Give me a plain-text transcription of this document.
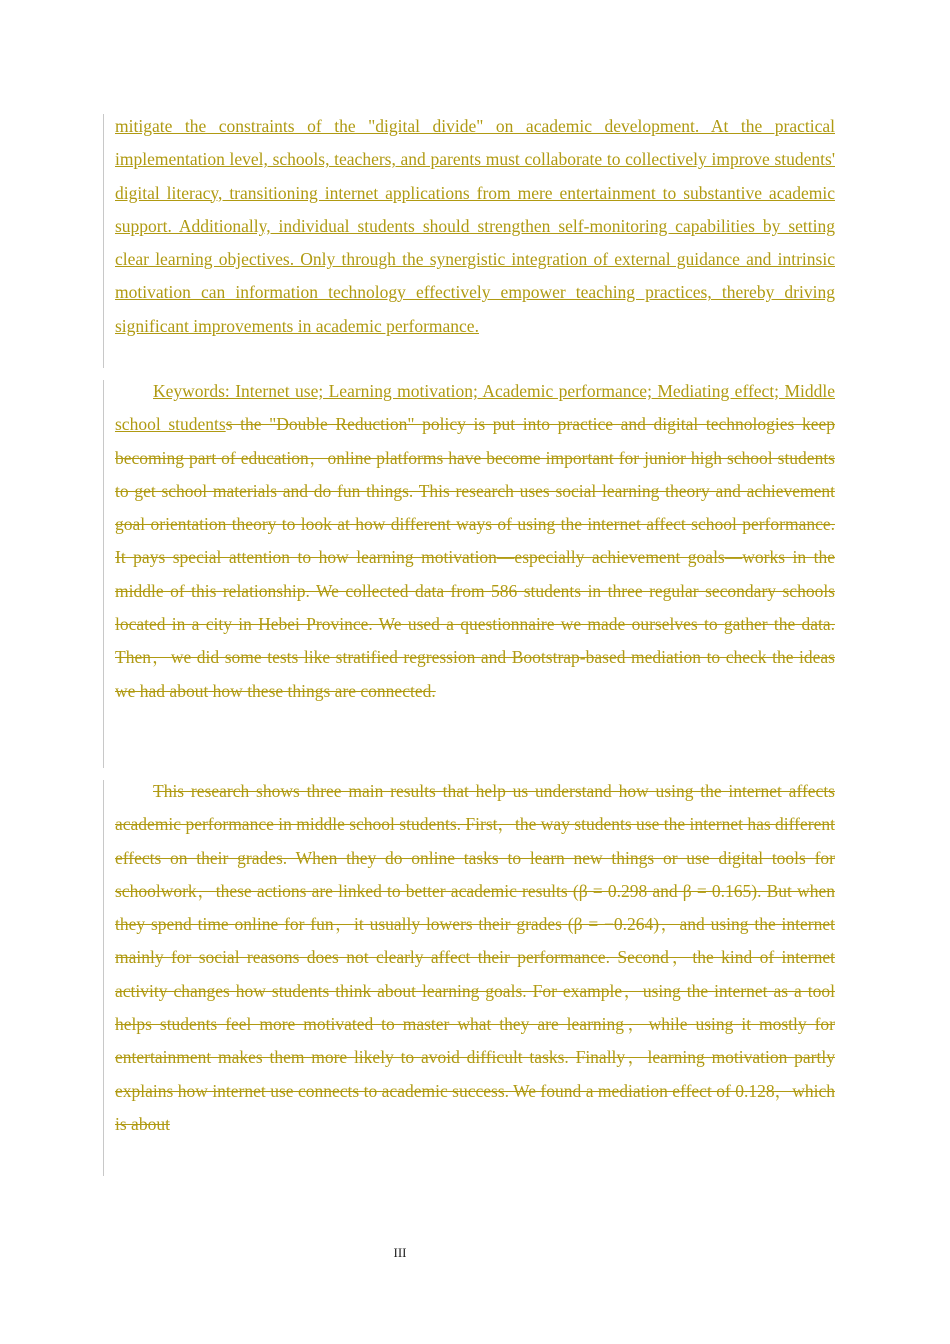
mitigate the constraints of the "digital divide" on academic development. At the practical implementation level, schools, teachers, and parents must collaborate to collectively improve students' digital literacy, transitioning internet applications from mere entertainment to substantive academic support. Additionally, individual students should strengthen self-monitoring capabilities by setting clear learning objectives. Only through the synergistic integration of external guidance and intrinsic motivation can information technology effectively empower teaching practices, thereby driving significant improvements in academic performance.

Keywords: Internet use; Learning motivation; Academic performance; Mediating effect; Middle school studentss the "Double Reduction" policy is put into practice and digital technologies keep becoming part of education，online platforms have become important for junior high school students to get school materials and do fun things. This research uses social learning theory and achievement goal orientation theory to look at how different ways of using the internet affect school performance. It pays special attention to how learning motivation—especially achievement goals—works in the middle of this relationship. We collected data from 586 students in three regular secondary schools located in a city in Hebei Province. We used a questionnaire we made ourselves to gather the data. Then，we did some tests like stratified regression and Bootstrap-based mediation to check the ideas we had about how these things are connected.

This research shows three main results that help us understand how using the internet affects academic performance in middle school students. First，the way students use the internet has different effects on their grades. When they do online tasks to learn new things or use digital tools for schoolwork，these actions are linked to better academic results (β = 0.298 and β = 0.165). But when they spend time online for fun，it usually lowers their grades (β = −0.264)，and using the internet mainly for social reasons does not clearly affect their performance. Second，the kind of internet activity changes how students think about learning goals. For example，using the internet as a tool helps students feel more motivated to master what they are learning，while using it mostly for entertainment makes them more likely to avoid difficult tasks. Finally，learning motivation partly explains how internet use connects to academic success. We found a mediation effect of 0.128，which is about

III
